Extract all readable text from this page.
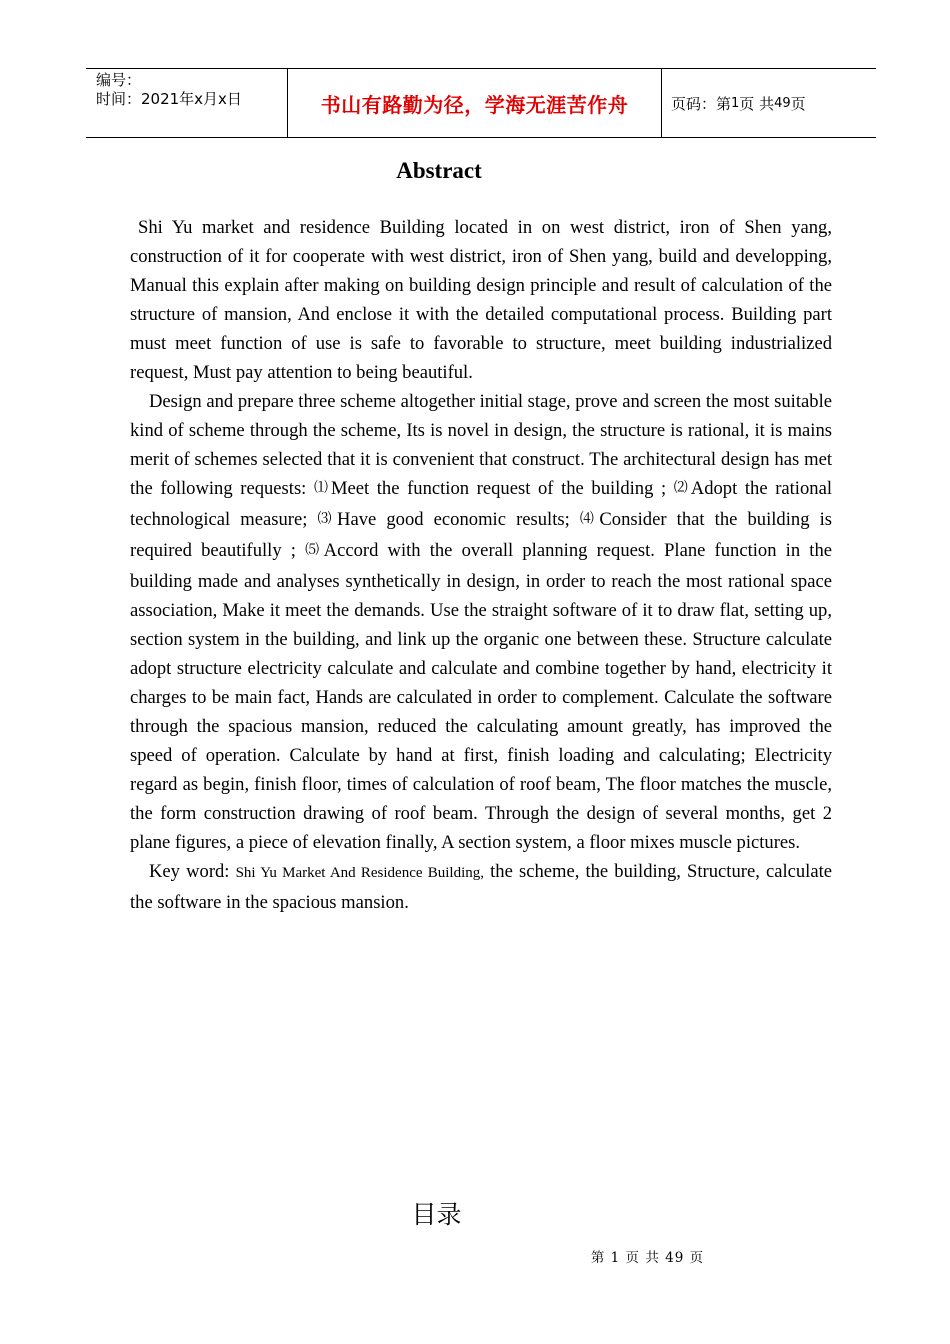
编号：
时间：2021年x月x日	书山有路勤为径，学海无涯苦作舟	页码：第 1 页 共 49 页
Abstract

Shi Yu market and residence Building located in on west district, iron of Shen yang, construction of it for cooperate with west district, iron of Shen yang, build and developping, Manual this explain after making on building design principle and result of calculation of the structure of mansion, And enclose it with the detailed computational process. Building part must meet function of use is safe to favorable to structure, meet building industrialized request, Must pay attention to being beautiful.

Design and prepare three scheme altogether initial stage, prove and screen the most suitable kind of scheme through the scheme, Its is novel in design, the structure is rational, it is mains merit of schemes selected that it is convenient that construct. The architectural design has met the following requests: ⑴Meet the function request of the building ; ⑵Adopt the rational technological measure; ⑶Have good economic results; ⑷Consider that the building is required beautifully ; ⑸Accord with the overall planning request. Plane function in the building made and analyses synthetically in design, in order to reach the most rational space association, Make it meet the demands. Use the straight software of it to draw flat, setting up, section system in the building, and link up the organic one between these. Structure calculate adopt structure electricity calculate and calculate and combine together by hand, electricity it charges to be main fact, Hands are calculated in order to complement. Calculate the software through the spacious mansion, reduced the calculating amount greatly, has improved the speed of operation. Calculate by hand at first, finish loading and calculating; Electricity regard as begin, finish floor, times of calculation of roof beam, The floor matches the muscle, the form construction drawing of roof beam. Through the design of several months, get 2 plane figures, a piece of elevation finally, A section system, a floor mixes muscle pictures.

Key word: Shi Yu Market And Residence Building, the scheme, the building, Structure, calculate the software in the spacious mansion.

目录
第 1 页 共 49 页
